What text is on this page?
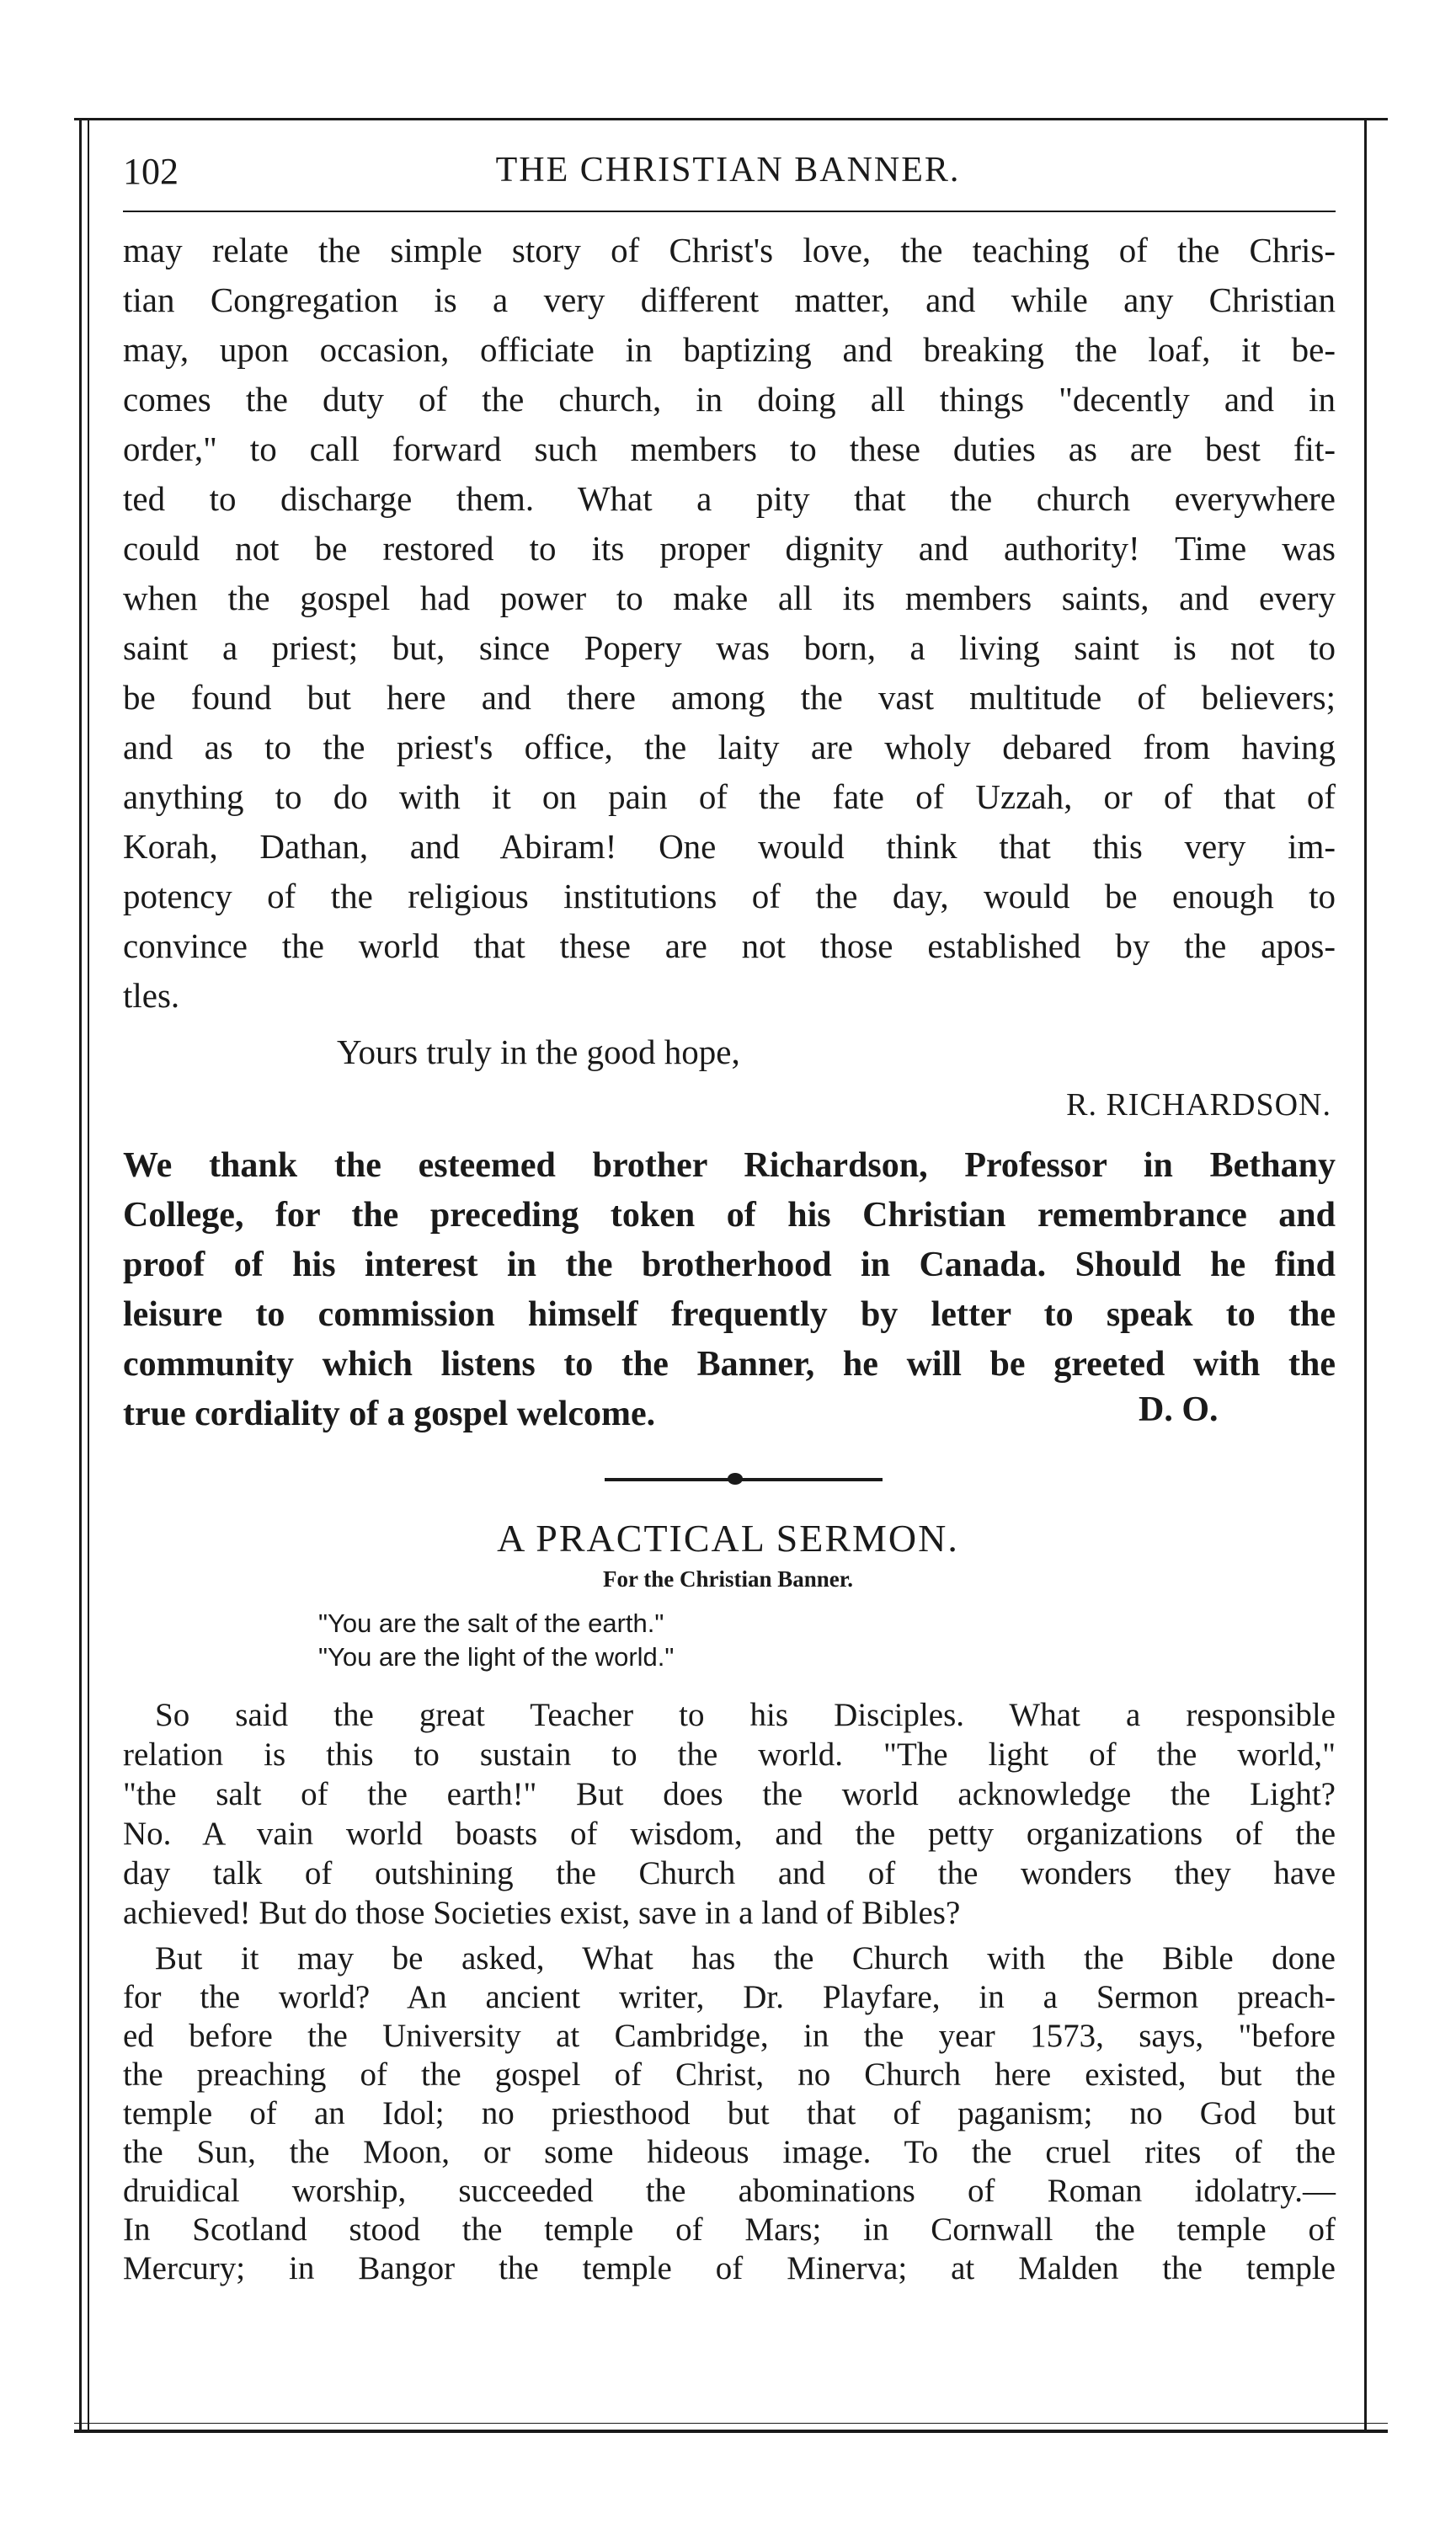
102	THE CHRISTIAN BANNER.
may relate the simple story of Christ's love, the teaching of the Chris-
tian Congregation is a very different matter, and while any Christian
may, upon occasion, officiate in baptizing and breaking the loaf, it be-
comes the duty of the church, in doing all things "decently and in
order," to call forward such members to these duties as are best fit-
ted to discharge them. What a pity that the church everywhere
could not be restored to its proper dignity and authority! Time was
when the gospel had power to make all its members saints, and every
saint a priest; but, since Popery was born, a living saint is not to
be found but here and there among the vast multitude of believers;
and as to the priest's office, the laity are wholy debared from having
anything to do with it on pain of the fate of Uzzah, or of that of
Korah, Dathan, and Abiram! One would think that this very im-
potency of the religious institutions of the day, would be enough to
convince the world that these are not those established by the apos-
tles.
Yours truly in the good hope,
R. RICHARDSON.
We thank the esteemed brother Richardson, Professor in Bethany
College, for the preceding token of his Christian remembrance and
proof of his interest in the brotherhood in Canada. Should he find
leisure to commission himself frequently by letter to speak to the
community which listens to the Banner, he will be greeted with the
true cordiality of a gospel welcome.	D. O.
A PRACTICAL SERMON.
For the Christian Banner.
"You are the salt of the earth."
"You are the light of the world."
So said the great Teacher to his Disciples. What a responsible
relation is this to sustain to the world. "The light of the world,"
"the salt of the earth!" But does the world acknowledge the Light?
No. A vain world boasts of wisdom, and the petty organizations of the
day talk of outshining the Church and of the wonders they have
achieved! But do those Societies exist, save in a land of Bibles?
But it may be asked, What has the Church with the Bible done
for the world? An ancient writer, Dr. Playfare, in a Sermon preach-
ed before the University at Cambridge, in the year 1573, says, "before
the preaching of the gospel of Christ, no Church here existed, but the
temple of an Idol; no priesthood but that of paganism; no God but
the Sun, the Moon, or some hideous image. To the cruel rites of the
druidical worship, succeeded the abominations of Roman idolatry.—
In Scotland stood the temple of Mars; in Cornwall the temple of
Mercury; in Bangor the temple of Minerva; at Malden the temple
